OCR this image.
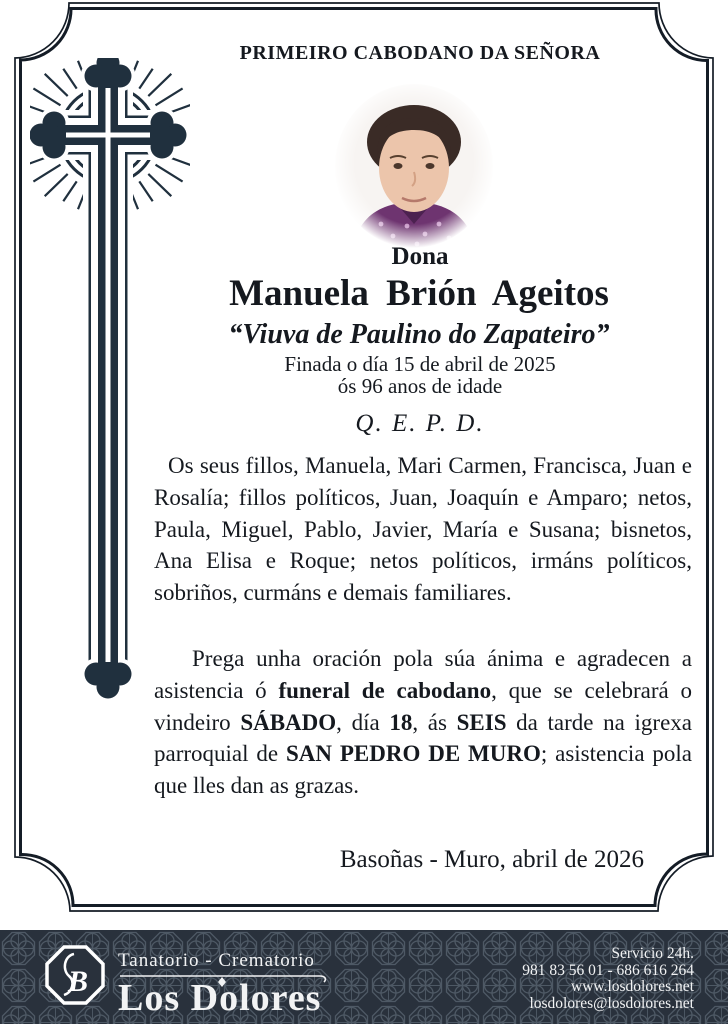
PRIMEIRO CABODANO DA SEÑORA
Dona
Manuela Brión Ageitos
“Viuva de Paulino do Zapateiro”
Finada o día 15 de abril de 2025
ós 96 anos de idade
Q. E. P. D.

Os seus fillos, Manuela, Mari Carmen, Francisca, Juan e Rosalía; fillos políticos, Juan, Joaquín e Amparo; netos, Paula, Miguel, Pablo, Javier, María e Susana; bisnetos, Ana Elisa e Roque; netos políticos, irmáns políticos, sobriños, curmáns e demais familiares.

Prega unha oración pola súa ánima e agradecen a asistencia ó funeral de cabodano, que se celebrará o vindeiro SÁBADO, día 18, ás SEIS da tarde na igrexa parroquial de SAN PEDRO DE MURO; asistencia pola que lles dan as grazas.

Basoñas - Muro, abril de 2026
B
Tanatorio - Crematorio
Los Dolores
Servicio 24h.
981 83 56 01 - 686 616 264
www.losdolores.net
losdolores@losdolores.net
